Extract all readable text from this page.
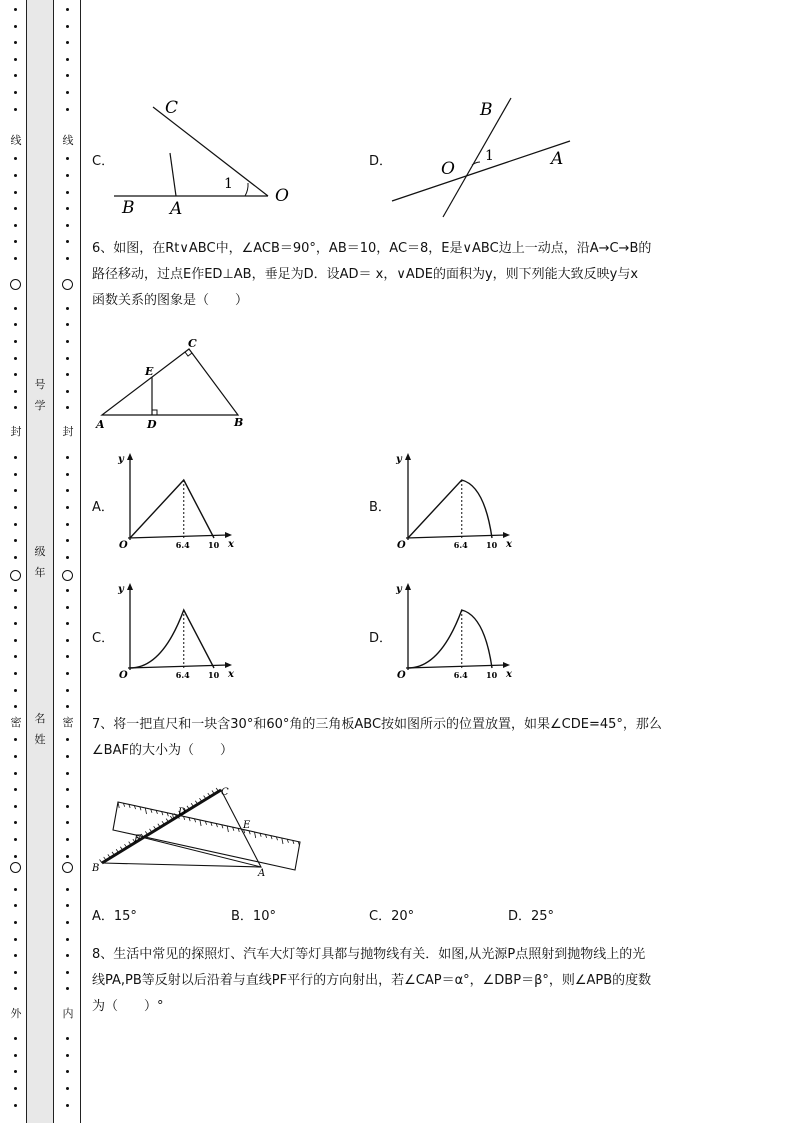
线
封
密
外
线
封
密
内
号
学
级
年
名
姓
C．
C
B A
O
1
D．
B
O	A
1
6、如图，在Rt∨ABC中，∠ACB＝90°，AB＝10，AC＝8，E是∨ABC边上一动点，沿A→C→B的
路径移动，过点E作ED⊥AB，垂足为D．设AD＝ x，∨ADE的面积为y，则下列能大致反映y与x
函数关系的图象是（　　）
C
E
A	D	B
A．	B．
C．	D．
y
x
O	6.4 10
y
x
O	6.4 10
y
x
O	6.4 10
y
x
O	6.4 10
7、将一把直尺和一块含30°和60°角的三角板ABC按如图所示的位置放置，如果∠CDE=45°，那么
∠BAF的大小为（　　）
C
D
E
F
B	A
A．15°	B．10°	C．20°	D．25°
8、生活中常见的探照灯、汽车大灯等灯具都与抛物线有关．如图,从光源P点照射到抛物线上的光
线PA,PB等反射以后沿着与直线PF平行的方向射出，若∠CAP＝α°，∠DBP＝β°，则∠APB的度数
为（　　）°
